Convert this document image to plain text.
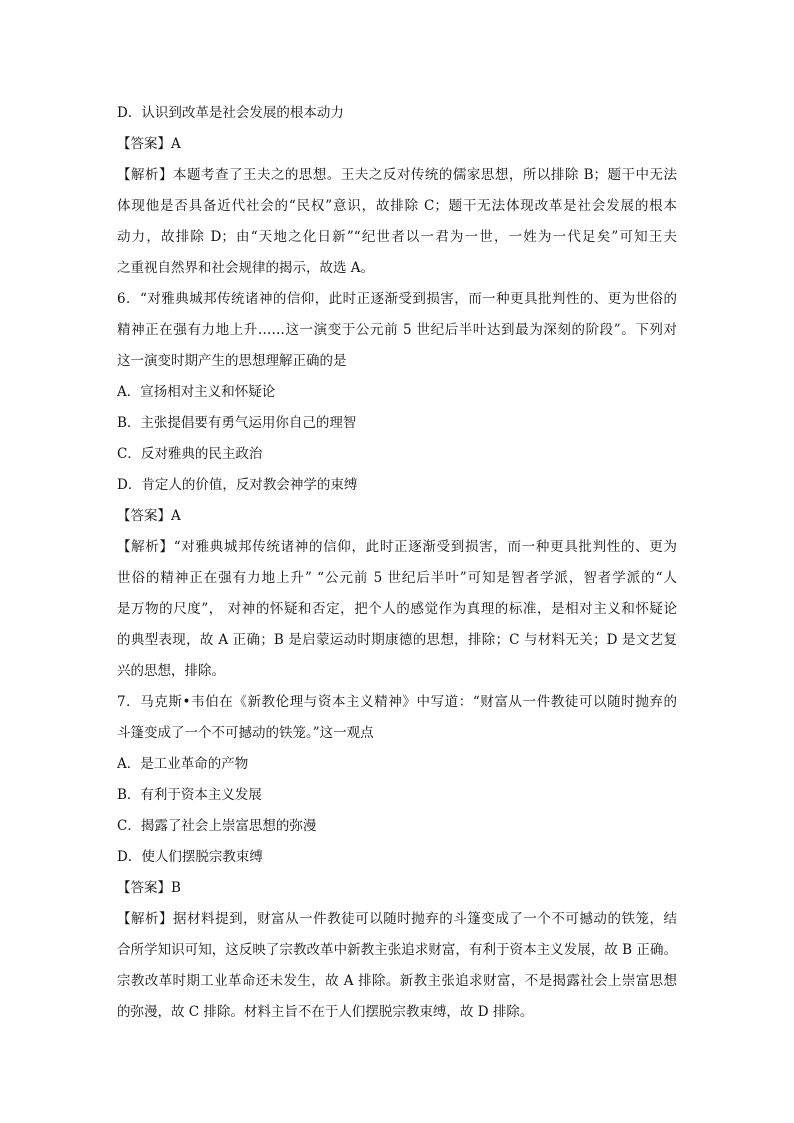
D．认识到改革是社会发展的根本动力
【答案】A
【解析】本题考查了王夫之的思想。王夫之反对传统的儒家思想，所以排除 B；题干中无法
体现他是否具备近代社会的“民权”意识，故排除 C；题干无法体现改革是社会发展的根本
动力，故排除 D；由“天地之化日新”“纪世者以一君为一世，一姓为一代足矣”可知王夫
之重视自然界和社会规律的揭示，故选 A。
6．“对雅典城邦传统诸神的信仰，此时正逐渐受到损害，而一种更具批判性的、更为世俗的
精神正在强有力地上升……这一演变于公元前 5 世纪后半叶达到最为深刻的阶段”。下列对
这一演变时期产生的思想理解正确的是
A．宣扬相对主义和怀疑论
B．主张提倡要有勇气运用你自己的理智
C．反对雅典的民主政治
D．肯定人的价值，反对教会神学的束缚
【答案】A
【解析】“对雅典城邦传统诸神的信仰，此时正逐渐受到损害，而一种更具批判性的、更为
世俗的精神正在强有力地上升” “公元前 5 世纪后半叶”可知是智者学派，智者学派的“人
是万物的尺度”， 对神的怀疑和否定，把个人的感觉作为真理的标准，是相对主义和怀疑论
的典型表现，故 A 正确；B 是启蒙运动时期康德的思想，排除；C 与材料无关；D 是文艺复
兴的思想，排除。
7．马克斯•韦伯在《新教伦理与资本主义精神》中写道：“财富从一件教徒可以随时抛弃的
斗篷变成了一个不可撼动的铁笼。”这一观点
A．是工业革命的产物
B．有利于资本主义发展
C．揭露了社会上崇富思想的弥漫
D．使人们摆脱宗教束缚
【答案】B
【解析】据材料提到，财富从一件教徒可以随时抛弃的斗篷变成了一个不可撼动的铁笼，结
合所学知识可知，这反映了宗教改革中新教主张追求财富，有利于资本主义发展，故 B 正确。
宗教改革时期工业革命还未发生，故 A 排除。新教主张追求财富，不是揭露社会上崇富思想
的弥漫，故 C 排除。材料主旨不在于人们摆脱宗教束缚，故 D 排除。
